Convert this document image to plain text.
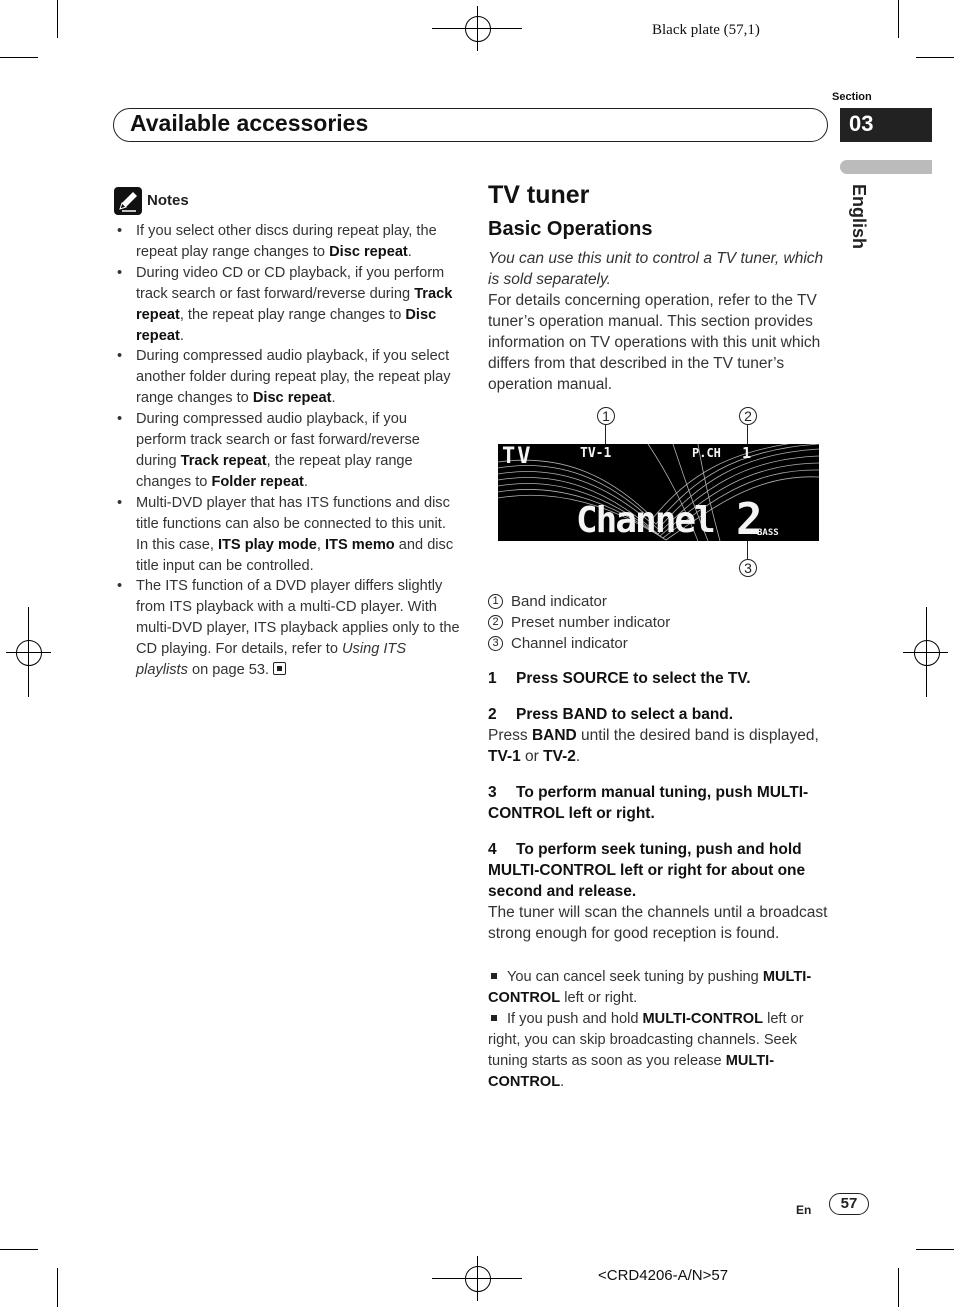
Black plate (57,1)
Section
Available accessories	03
English
Notes
• If you select other discs during repeat play, the repeat play range changes to Disc repeat.
• During video CD or CD playback, if you perform track search or fast forward/reverse during Track repeat, the repeat play range changes to Disc repeat.
• During compressed audio playback, if you select another folder during repeat play, the repeat play range changes to Disc repeat.
• During compressed audio playback, if you perform track search or fast forward/reverse during Track repeat, the repeat play range changes to Folder repeat.
• Multi-DVD player that has ITS functions and disc title functions can also be connected to this unit. In this case, ITS play mode, ITS memo and disc title input can be controlled.
• The ITS function of a DVD player differs slightly from ITS playback with a multi-CD player. With multi-DVD player, ITS playback applies only to the CD playing. For details, refer to Using ITS playlists on page 53.
TV tuner
Basic Operations
You can use this unit to control a TV tuner, which is sold separately.
For details concerning operation, refer to the TV tuner’s operation manual. This section provides information on TV operations with this unit which differs from that described in the TV tuner’s operation manual.
1	2
TV	TV-1	P.CH 1
Channel 2
BASS
3
1 Band indicator
2 Preset number indicator
3 Channel indicator
1 Press SOURCE to select the TV.
2 Press BAND to select a band.
Press BAND until the desired band is displayed, TV-1 or TV-2.
3 To perform manual tuning, push MULTI-CONTROL left or right.
4 To perform seek tuning, push and hold MULTI-CONTROL left or right for about one second and release.
The tuner will scan the channels until a broadcast strong enough for good reception is found.
You can cancel seek tuning by pushing MULTI-CONTROL left or right.
If you push and hold MULTI-CONTROL left or right, you can skip broadcasting channels. Seek tuning starts as soon as you release MULTI-CONTROL.
En	57
<CRD4206-A/N>57
